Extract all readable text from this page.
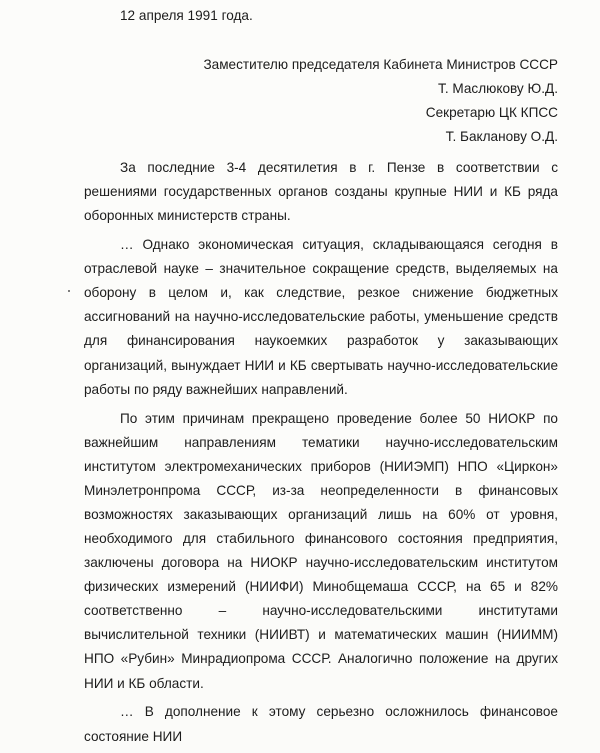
12 апреля 1991 года.

Заместителю председателя Кабинета Министров СССР
Т. Маслюкову Ю.Д.
Секретарю ЦК КПСС
Т. Бакланову О.Д.

За последние 3-4 десятилетия в г. Пензе в соответствии с решениями государственных органов созданы крупные НИИ и КБ ряда оборонных министерств страны.

… Однако экономическая ситуация, складывающаяся сегодня в отраслевой науке – значительное сокращение средств, выделяемых на оборону в целом и, как следствие, резкое снижение бюджетных ассигнований на научно-исследовательские работы, уменьшение средств для финансирования наукоемких разработок у заказывающих организаций, вынуждает НИИ и КБ свертывать научно-исследовательские работы по ряду важнейших направлений.

По этим причинам прекращено проведение более 50 НИОКР по важнейшим направлениям тематики научно-исследовательским институтом электромеханических приборов (НИИЭМП) НПО «Циркон» Минэлетронпрома СССР, из-за неопределенности в финансовых возможностях заказывающих организаций лишь на 60% от уровня, необходимого для стабильного финансового состояния предприятия, заключены договора на НИОКР научно-исследовательским институтом физических измерений (НИИФИ) Минобщемаша СССР, на 65 и 82% соответственно – научно-исследовательскими институтами вычислительной техники (НИИВТ) и математических машин (НИИММ) НПО «Рубин» Минрадиопрома СССР. Аналогично положение на других НИИ и КБ области.

… В дополнение к этому серьезно осложнилось финансовое состояние НИИ
